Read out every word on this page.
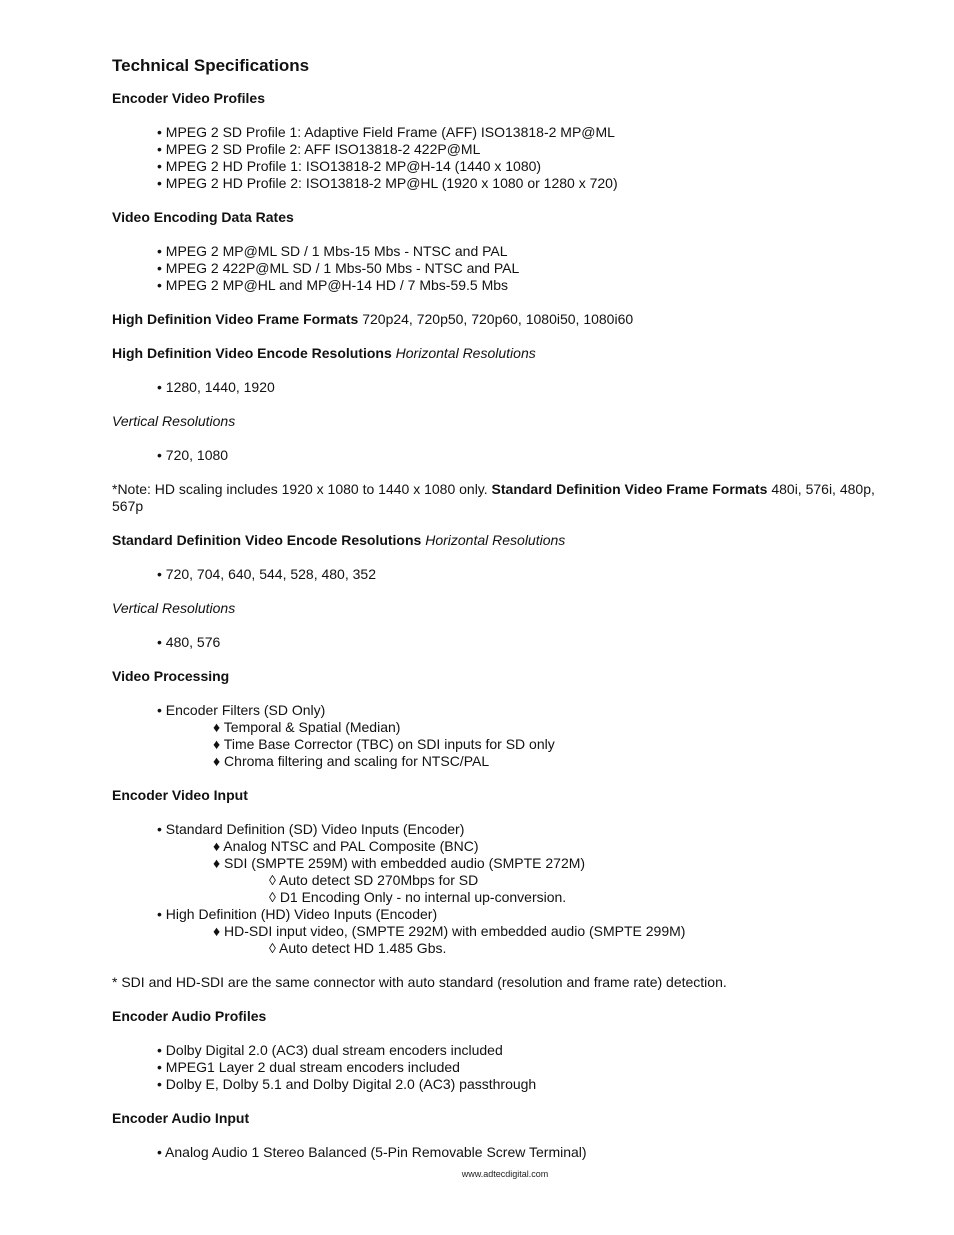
Technical Specifications
Encoder Video Profiles
• MPEG 2 SD Profile 1: Adaptive Field Frame (AFF) ISO13818-2 MP@ML
• MPEG 2 SD Profile 2: AFF ISO13818-2 422P@ML
• MPEG 2 HD Profile 1: ISO13818-2 MP@H-14 (1440 x 1080)
• MPEG 2 HD Profile 2: ISO13818-2 MP@HL (1920 x 1080 or 1280 x 720)
Video Encoding Data Rates
• MPEG 2 MP@ML SD / 1 Mbs-15 Mbs - NTSC and PAL
• MPEG 2 422P@ML SD / 1 Mbs-50 Mbs - NTSC and PAL
• MPEG 2 MP@HL and MP@H-14 HD / 7 Mbs-59.5 Mbs
High Definition Video Frame Formats 720p24, 720p50, 720p60, 1080i50, 1080i60
High Definition Video Encode Resolutions Horizontal Resolutions
• 1280, 1440, 1920
Vertical Resolutions
• 720, 1080
*Note: HD scaling includes 1920 x 1080 to 1440 x 1080 only. Standard Definition Video Frame Formats 480i, 576i, 480p, 567p
Standard Definition Video Encode Resolutions Horizontal Resolutions
• 720, 704, 640, 544, 528, 480, 352
Vertical Resolutions
• 480, 576
Video Processing
• Encoder Filters (SD Only)
♦ Temporal & Spatial (Median)
♦ Time Base Corrector (TBC) on SDI inputs for SD only
♦ Chroma filtering and scaling for NTSC/PAL
Encoder Video Input
• Standard Definition (SD) Video Inputs (Encoder)
♦ Analog NTSC and PAL Composite (BNC)
♦ SDI (SMPTE 259M) with embedded audio (SMPTE 272M)
◊ Auto detect SD 270Mbps for SD
◊ D1 Encoding Only - no internal up-conversion.
• High Definition (HD) Video Inputs (Encoder)
♦ HD-SDI input video, (SMPTE 292M) with embedded audio (SMPTE 299M)
◊ Auto detect HD 1.485 Gbs.
* SDI and HD-SDI are the same connector with auto standard (resolution and frame rate) detection.
Encoder Audio Profiles
• Dolby Digital 2.0 (AC3) dual stream encoders included
• MPEG1 Layer 2 dual stream encoders included
• Dolby E, Dolby 5.1 and Dolby Digital 2.0 (AC3) passthrough
Encoder Audio Input
• Analog Audio 1 Stereo Balanced (5-Pin Removable Screw Terminal)
www.adtecdigital.com
